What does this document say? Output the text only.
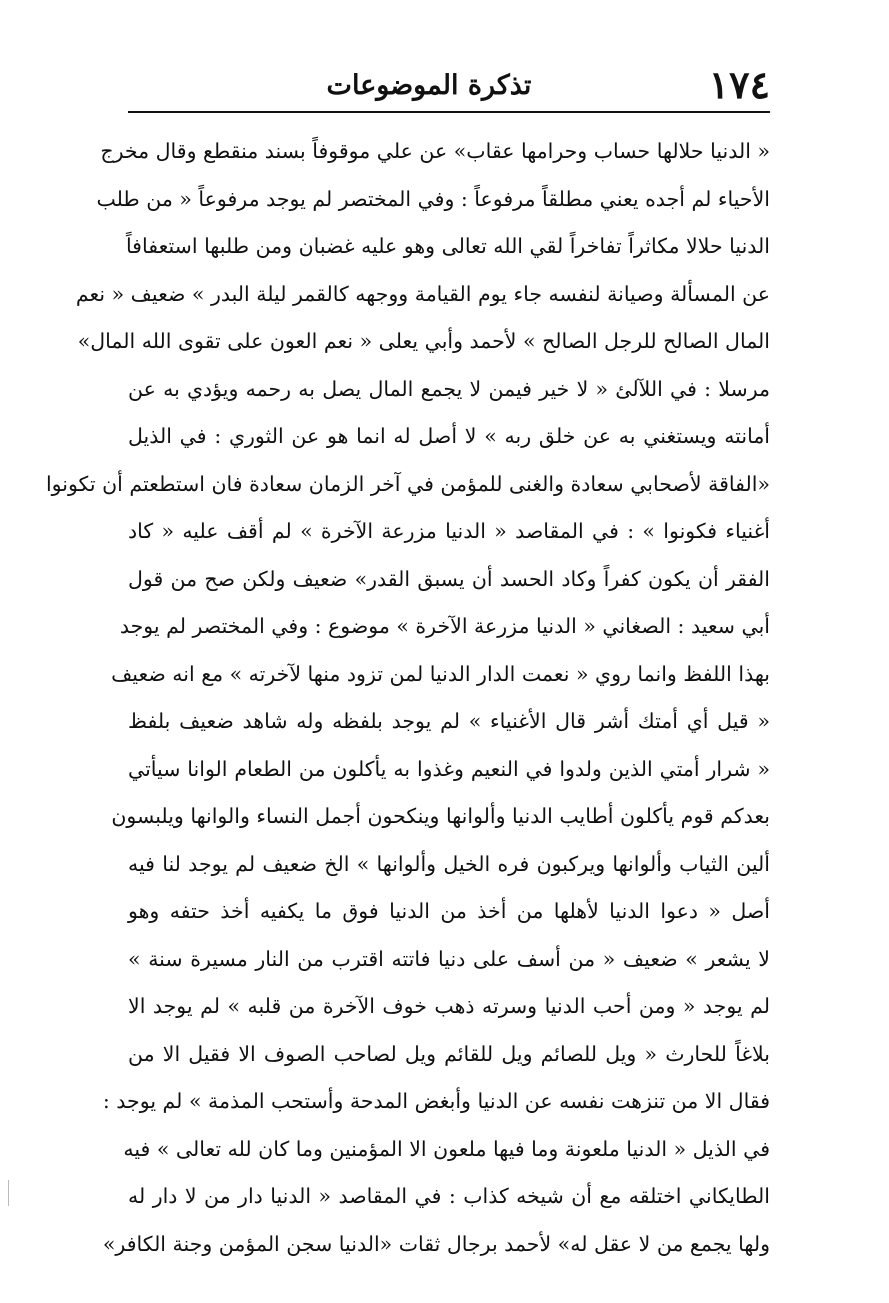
١٧٤
تذكرة الموضوعات
« الدنيا حلالها حساب وحرامها عقاب» عن علي موقوفاً بسند منقطع وقال مخرج
الأحياء لم أجده يعني مطلقاً مرفوعاً : وفي المختصر لم يوجد مرفوعاً « من طلب
الدنيا حلالا مكاثراً تفاخراً لقي الله تعالى وهو عليه غضبان ومن طلبها استعفافاً
عن المسألة وصيانة لنفسه جاء يوم القيامة ووجهه كالقمر ليلة البدر » ضعيف « نعم
المال الصالح للرجل الصالح » لأحمد وأبي يعلى « نعم العون على تقوى الله المال»
مرسلا : في اللآلئ « لا خير فيمن لا يجمع المال يصل به رحمه ويؤدي به عن
أمانته ويستغني به عن خلق ربه » لا أصل له انما هو عن الثوري : في الذيل
«الفاقة لأصحابي سعادة والغنى للمؤمن في آخر الزمان سعادة فان استطعتم أن تكونوا
أغنياء فكونوا » : في المقاصد « الدنيا مزرعة الآخرة » لم أقف عليه « كاد
الفقر أن يكون كفراً وكاد الحسد أن يسبق القدر» ضعيف ولكن صح من قول
أبي سعيد : الصغاني « الدنيا مزرعة الآخرة » موضوع : وفي المختصر لم يوجد
بهذا اللفظ وانما روي « نعمت الدار الدنيا لمن تزود منها لآخرته » مع انه ضعيف
« قيل أي أمتك أشر قال الأغنياء » لم يوجد بلفظه وله شاهد ضعيف بلفظ
« شرار أمتي الذين ولدوا في النعيم وغذوا به يأكلون من الطعام الوانا سيأتي
بعدكم قوم يأكلون أطايب الدنيا وألوانها وينكحون أجمل النساء والوانها ويلبسون
ألين الثياب وألوانها ويركبون فره الخيل وألوانها » الخ ضعيف لم يوجد لنا فيه
أصل « دعوا الدنيا لأهلها من أخذ من الدنيا فوق ما يكفيه أخذ حتفه وهو
لا يشعر » ضعيف « من أسف على دنيا فاتته اقترب من النار مسيرة سنة »
لم يوجد « ومن أحب الدنيا وسرته ذهب خوف الآخرة من قلبه » لم يوجد الا
بلاغاً للحارث « ويل للصائم ويل للقائم ويل لصاحب الصوف الا فقيل الا من
فقال الا من تنزهت نفسه عن الدنيا وأبغض المدحة وأستحب المذمة » لم يوجد :
في الذيل « الدنيا ملعونة وما فيها ملعون الا المؤمنين وما كان لله تعالى » فيه
الطايكاني اختلقه مع أن شيخه كذاب : في المقاصد « الدنيا دار من لا دار له
ولها يجمع من لا عقل له» لأحمد برجال ثقات «الدنيا سجن المؤمن وجنة الكافر»
